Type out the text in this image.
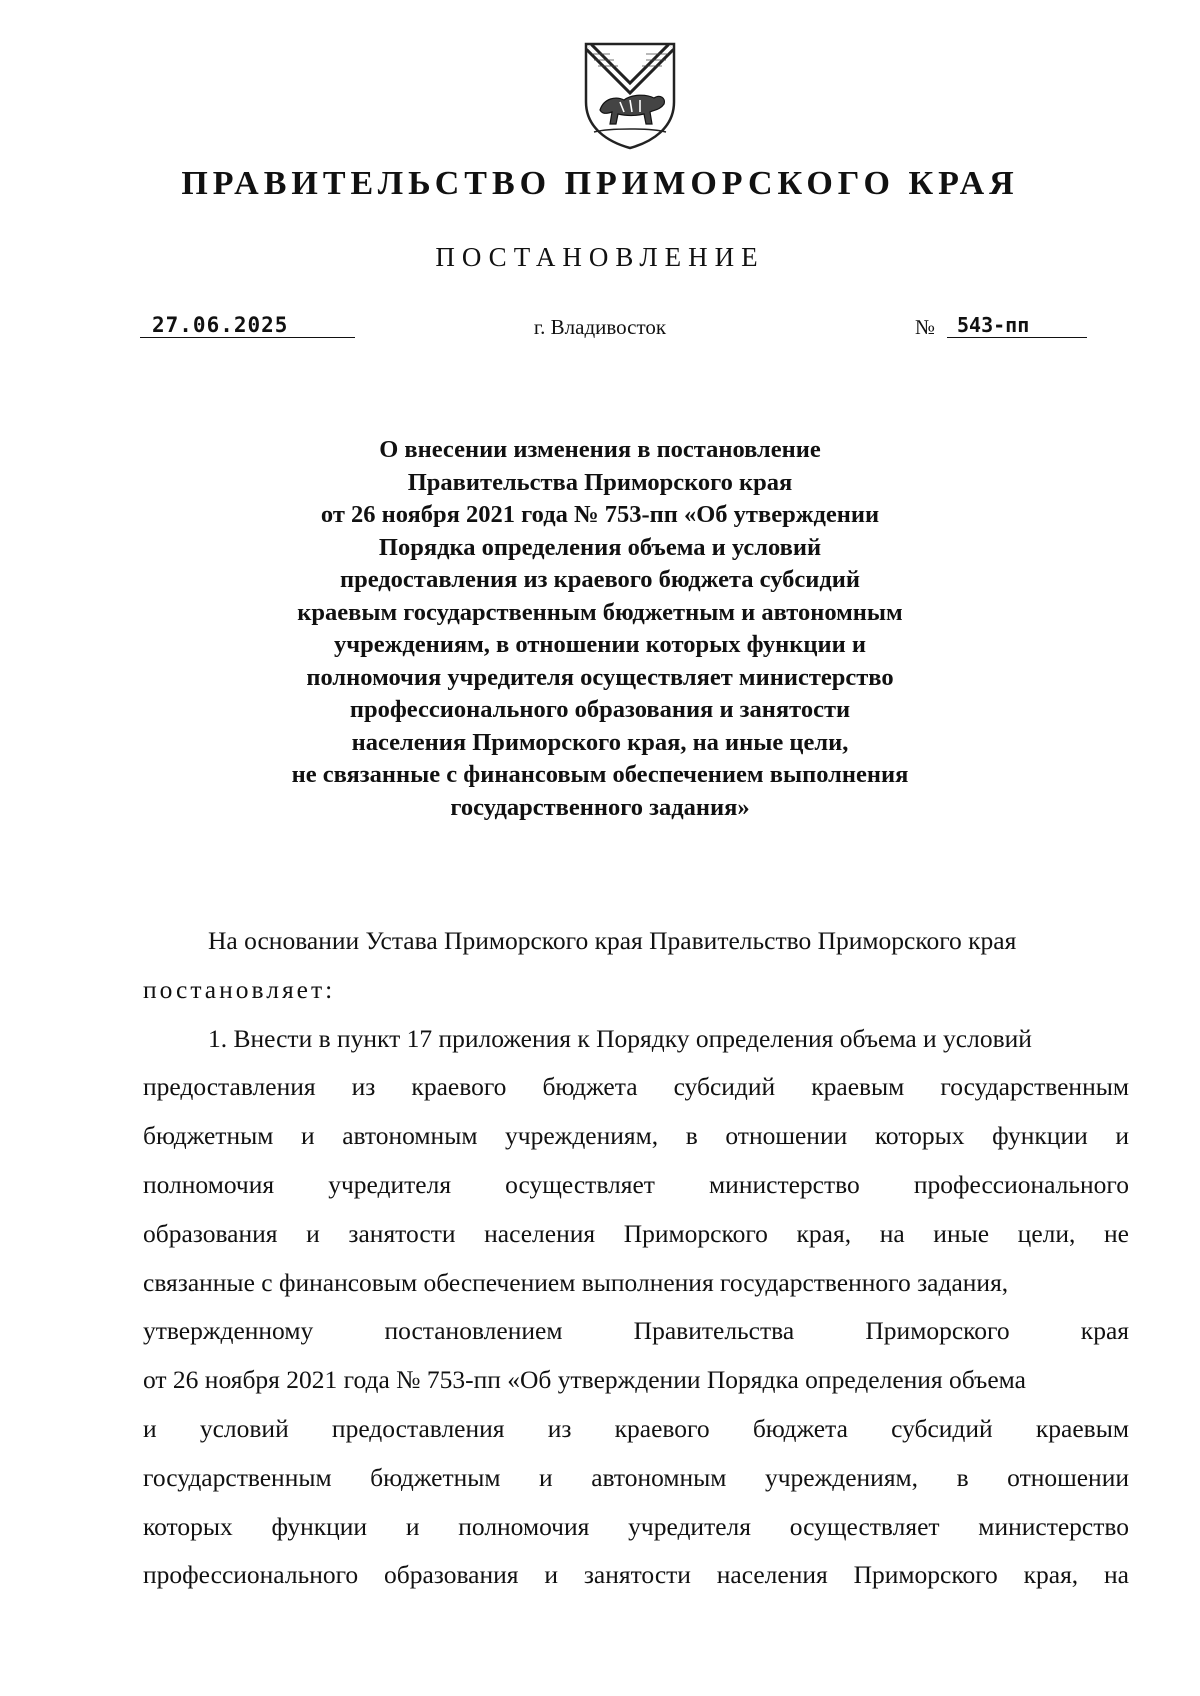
ПРАВИТЕЛЬСТВО ПРИМОРСКОГО КРАЯ
ПОСТАНОВЛЕНИЕ
27.06.2025	г. Владивосток	№	543-пп
О внесении изменения в постановление
Правительства Приморского края
от 26 ноября 2021 года № 753-пп «Об утверждении
Порядка определения объема и условий
предоставления из краевого бюджета субсидий
краевым государственным бюджетным и автономным
учреждениям, в отношении которых функции и
полномочия учредителя осуществляет министерство
профессионального образования и занятости
населения Приморского края, на иные цели,
не связанные с финансовым обеспечением выполнения
государственного задания»
На основании Устава Приморского края Правительство Приморского края
постановляет:
1. Внести в пункт 17 приложения к Порядку определения объема и условий
предоставления из краевого бюджета субсидий краевым государственным
бюджетным и автономным учреждениям, в отношении которых функции и
полномочия учредителя осуществляет министерство профессионального
образования и занятости населения Приморского края, на иные цели, не
связанные с финансовым обеспечением выполнения государственного задания,
утвержденному постановлением Правительства Приморского края
от 26 ноября 2021 года № 753-пп «Об утверждении Порядка определения объема
и условий предоставления из краевого бюджета субсидий краевым
государственным бюджетным и автономным учреждениям, в отношении
которых функции и полномочия учредителя осуществляет министерство
профессионального образования и занятости населения Приморского края, на
